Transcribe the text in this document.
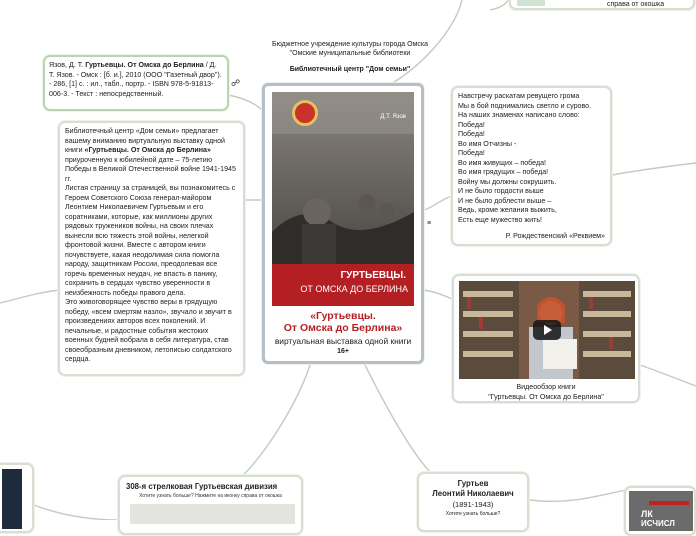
справа от окошка
Бюджетное учреждение культуры города Омска
"Омские муниципальные библиотеки
Библиотечный центр "Дом семьи"
Язов, Д. Т. Гуртьевцы. От Омска до Берлина / Д. Т. Язов. - Омск : [б. и.], 2010 (ООО "Газетный двор"). - 286, [1] с. : ил., табл., портр. - ISBN 978-5-91813-006-3. - Текст : непосредственный.
☍
Библиотечный центр «Дом семьи» предлагает вашему вниманию виртуальную выставку одной книги «Гуртьевцы. От Омска до Берлина» приуроченную к юбилейной дате – 75-летию Победы в Великой Отечественной войне 1941-1945 гг.
Листая страницу за страницей, вы познакомитесь с Героем Советского Союза генерал-майором Леонтием Николаевичем Гуртьевым и его соратниками, которые, как миллионы других рядовых тружеников войны, на своих плечах вынесли всю тяжесть этой войны, нелегкой фронтовой жизни. Вместе с автором книги почувствуете, какая неодолимая сила помогла народу, защитникам России, преодолевая все горечь временных неудач, не впасть в панику, сохранить в сердцах чувство уверенности в неизбежность победы правого дела.
Это живоговорящее чувство веры в грядущую победу, «всем смертям назло», звучало и звучит в произведениях авторов всех поколений. И печальные, и радостные события жестоких военных будней вобрала в себя литература, став своеобразным дневником, летописью солдатского сердца.
Д.Т. Язов
ГУРТЬЕВЦЫ.
ОТ ОМСКА ДО БЕРЛИНА
«Гуртьевцы.
От Омска до Берлина»
виртуальная выставка одной книги
16+
≡
Навстречу раскатам ревущего грома
Мы в бой поднимались светло и сурово.
На наших знаменах написано слово:
Победа!
Победа!
Во имя Отчизны -
Победа!
Во имя живущих – победа!
Во имя грядущих – победа!
Войну мы должны сокрушить.
И не было гордости выше
И не было доблести выше –
Ведь, кроме желания выжить,
Есть еще мужество жить!
Р. Рождественский «Реквием»
Видеообзор книги
"Гуртьевцы. От Омска до Берлина"
308-я стрелковая Гуртьевская дивизия
Хотите узнать больше? Нажмите на иконку справа от окошка
Гуртьев
Леонтий Николаевич
(1891-1943)
Хотите узнать больше?	ЛК
ИСЧИСЛ
